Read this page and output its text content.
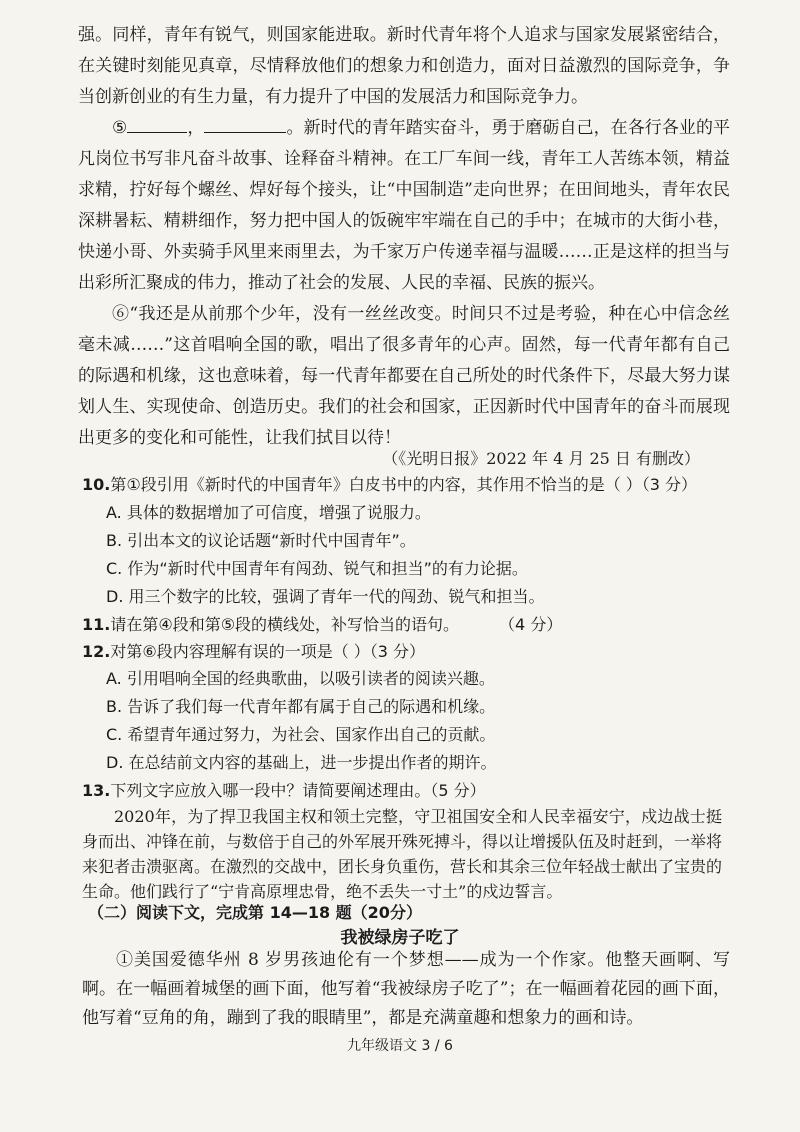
强。同样，青年有锐气，则国家能进取。新时代青年将个人追求与国家发展紧密结合，在关键时刻能见真章，尽情释放他们的想象力和创造力，面对日益激烈的国际竞争，争当创新创业的有生力量，有力提升了中国的发展活力和国际竞争力。

⑤	，	。新时代的青年踏实奋斗，勇于磨砺自己，在各行各业的平凡岗位书写非凡奋斗故事、诠释奋斗精神。在工厂车间一线，青年工人苦练本领，精益求精，拧好每个螺丝、焊好每个接头，让“中国制造”走向世界；在田间地头，青年农民深耕暑耘、精耕细作，努力把中国人的饭碗牢牢端在自己的手中；在城市的大街小巷，快递小哥、外卖骑手风里来雨里去，为千家万户传递幸福与温暖……正是这样的担当与出彩所汇聚成的伟力，推动了社会的发展、人民的幸福、民族的振兴。

⑥“我还是从前那个少年，没有一丝丝改变。时间只不过是考验，种在心中信念丝毫未减……”这首唱响全国的歌，唱出了很多青年的心声。固然，每一代青年都有自己的际遇和机缘，这也意味着，每一代青年都要在自己所处的时代条件下，尽最大努力谋划人生、实现使命、创造历史。我们的社会和国家，正因新时代中国青年的奋斗而展现出更多的变化和可能性，让我们拭目以待！

（《光明日报》2022 年 4 月 25 日 有删改）

10.第①段引用《新时代的中国青年》白皮书中的内容，其作用不恰当的是（ ）（3 分）

A. 具体的数据增加了可信度，增强了说服力。

B. 引出本文的议论话题“新时代中国青年”。

C. 作为“新时代中国青年有闯劲、锐气和担当”的有力论据。

D. 用三个数字的比较，强调了青年一代的闯劲、锐气和担当。

11.请在第④段和第⑤段的横线处，补写恰当的语句。	（4 分）

12.对第⑥段内容理解有误的一项是（ ）（3 分）

A. 引用唱响全国的经典歌曲，以吸引读者的阅读兴趣。

B. 告诉了我们每一代青年都有属于自己的际遇和机缘。

C. 希望青年通过努力，为社会、国家作出自己的贡献。

D. 在总结前文内容的基础上，进一步提出作者的期许。

13.下列文字应放入哪一段中？请简要阐述理由。（5 分）

2020年，为了捍卫我国主权和领土完整，守卫祖国安全和人民幸福安宁，戍边战士挺身而出、冲锋在前，与数倍于自己的外军展开殊死搏斗，得以让增援队伍及时赶到，一举将来犯者击溃驱离。在激烈的交战中，团长身负重伤，营长和其余三位年轻战士献出了宝贵的生命。他们践行了“宁肯高原埋忠骨，绝不丢失一寸土”的戍边誓言。

（二）阅读下文，完成第 14—18 题（20分）

我被绿房子吃了

①美国爱德华州 8 岁男孩迪伦有一个梦想——成为一个作家。他整天画啊、写啊。在一幅画着城堡的画下面，他写着“我被绿房子吃了”；在一幅画着花园的画下面，他写着“豆角的角，蹦到了我的眼睛里”，都是充满童趣和想象力的画和诗。

九年级语文 3 / 6
